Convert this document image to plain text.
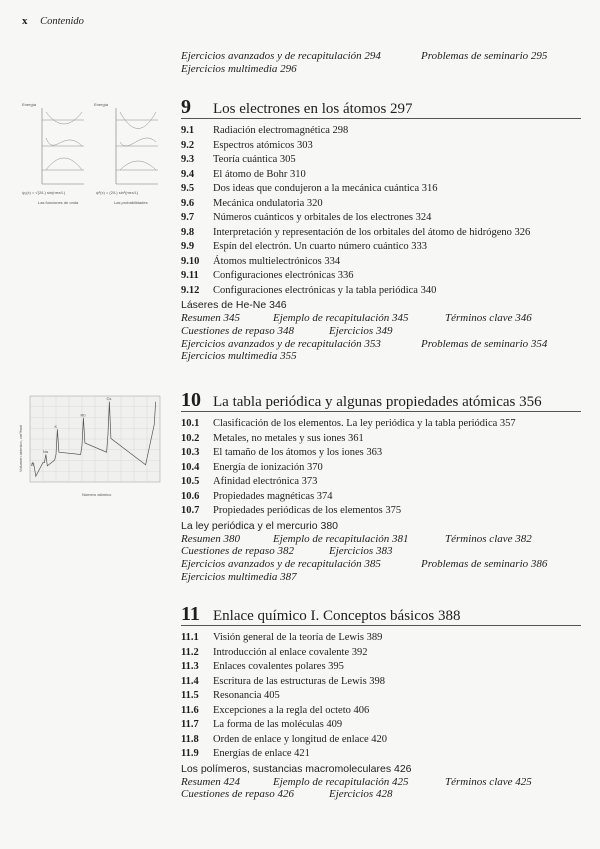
x Contenido
Ejercicios avanzados y de recapitulación 294	Problemas de seminario 295
Ejercicios multimedia 296
Energía	Energía
ψ₁(x) = √(2/L) sin(nπx/L)	ψ²(x) = (2/L) sin²(nπx/L)
Las funciones de onda	Las probabilidades
9 Los electrones en los átomos 297
9.1 Radiación electromagnética 298
9.2 Espectros atómicos 303
9.3 Teoría cuántica 305
9.4 El átomo de Bohr 310
9.5 Dos ideas que condujeron a la mecánica cuántica 316
9.6 Mecánica ondulatoria 320
9.7 Números cuánticos y orbitales de los electrones 324
9.8 Interpretación y representación de los orbitales del átomo de hidrógeno 326
9.9 Espín del electrón. Un cuarto número cuántico 333
9.10 Átomos multielectrónicos 334
9.11 Configuraciones electrónicas 336
9.12 Configuraciones electrónicas y la tabla periódica 340
Láseres de He-Ne 346
Resumen 345	Ejemplo de recapitulación 345	Términos clave 346
Cuestiones de repaso 348	Ejercicios 349
Ejercicios avanzados y de recapitulación 353	Problemas de seminario 354
Ejercicios multimedia 355
Volumen atómico, cm³/mol
Número atómico
Li
Na
K
Rb
Cs	10 La tabla periódica y algunas propiedades atómicas 356
10.1 Clasificación de los elementos. La ley periódica y la tabla periódica 357
10.2 Metales, no metales y sus iones 361
10.3 El tamaño de los átomos y los iones 363
10.4 Energía de ionización 370
10.5 Afinidad electrónica 373
10.6 Propiedades magnéticas 374
10.7 Propiedades periódicas de los elementos 375
La ley periódica y el mercurio 380
Resumen 380	Ejemplo de recapitulación 381	Términos clave 382
Cuestiones de repaso 382	Ejercicios 383
Ejercicios avanzados y de recapitulación 385	Problemas de seminario 386
Ejercicios multimedia 387
11 Enlace químico I. Conceptos básicos 388
11.1 Visión general de la teoría de Lewis 389
11.2 Introducción al enlace covalente 392
11.3 Enlaces covalentes polares 395
11.4 Escritura de las estructuras de Lewis 398
11.5 Resonancia 405
11.6 Excepciones a la regla del octeto 406
11.7 La forma de las moléculas 409
11.8 Orden de enlace y longitud de enlace 420
11.9 Energías de enlace 421
Los polímeros, sustancias macromoleculares 426
Resumen 424	Ejemplo de recapitulación 425	Términos clave 425
Cuestiones de repaso 426	Ejercicios 428
